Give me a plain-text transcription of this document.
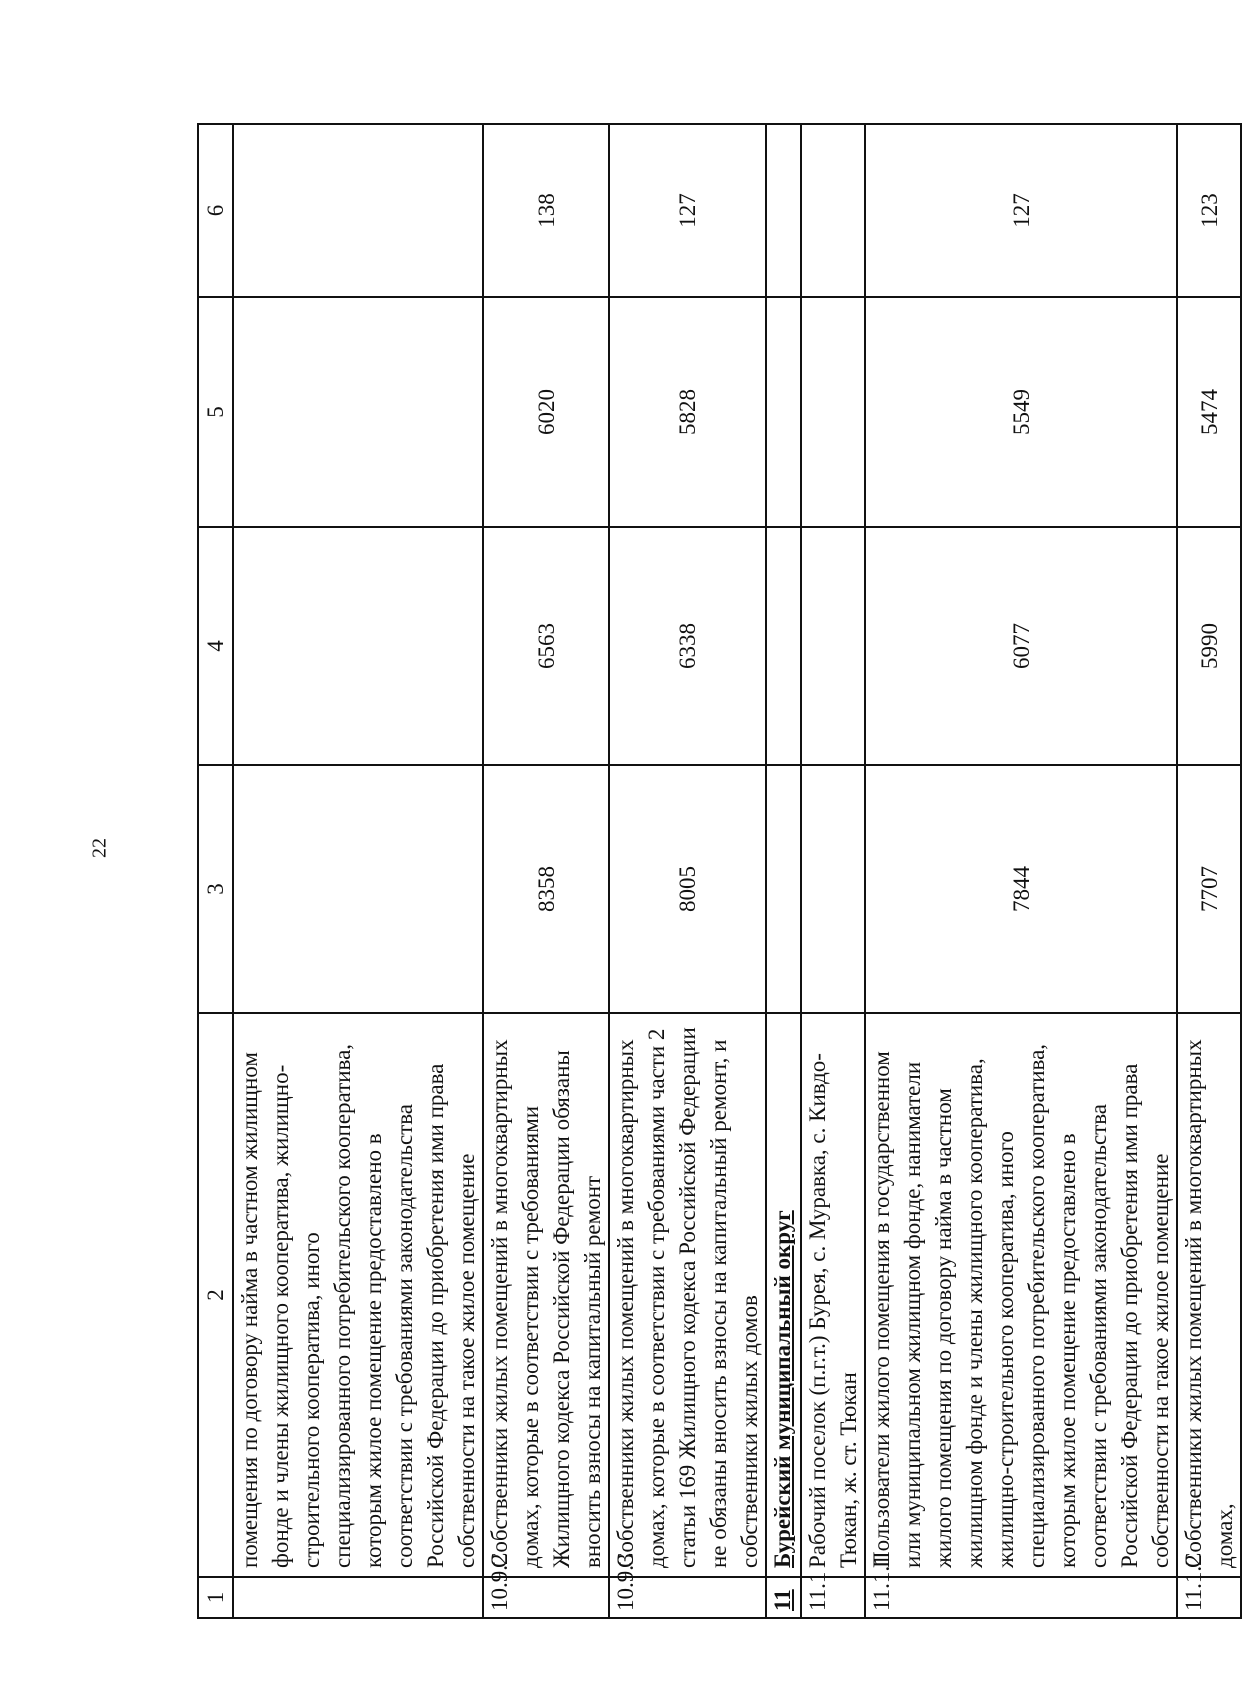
22
1	2	3	4	5	6
	помещения по договору найма в частном жилищном фонде и члены жилищного кооператива, жилищно-строительного кооператива, иного специализированного потребительского кооператива, которым жилое помещение предоставлено в соответствии с требованиями законодательства Российской Федерации до приобретения ими права собственности на такое жилое помещение				
10.9.2	Собственники жилых помещений в многоквартирных домах, которые в соответствии с требованиями Жилищного кодекса Российской Федерации обязаны вносить взносы на капитальный ремонт	8358	6563	6020	138
10.9.3	Собственники жилых помещений в многоквартирных домах, которые в соответствии с требованиями части 2 статьи 169 Жилищного кодекса Российской Федерации не обязаны вносить взносы на капитальный ремонт, и собственники жилых домов	8005	6338	5828	127
11	Бурейский муниципальный округ				
11.1	Рабочий поселок (п.г.т.) Бурея, с. Муравка, с. Кивдо-Тюкан, ж. ст. Тюкан				
11.1.1	Пользователи жилого помещения в государственном или муниципальном жилищном фонде, наниматели жилого помещения по договору найма в частном жилищном фонде и члены жилищного кооператива, жилищно-строительного кооператива, иного специализированного потребительского кооператива, которым жилое помещение предоставлено в соответствии с требованиями законодательства Российской Федерации до приобретения ими права собственности на такое жилое помещение	7844	6077	5549	127
11.1.2	Собственники жилых помещений в многоквартирных домах,	7707	5990	5474	123
